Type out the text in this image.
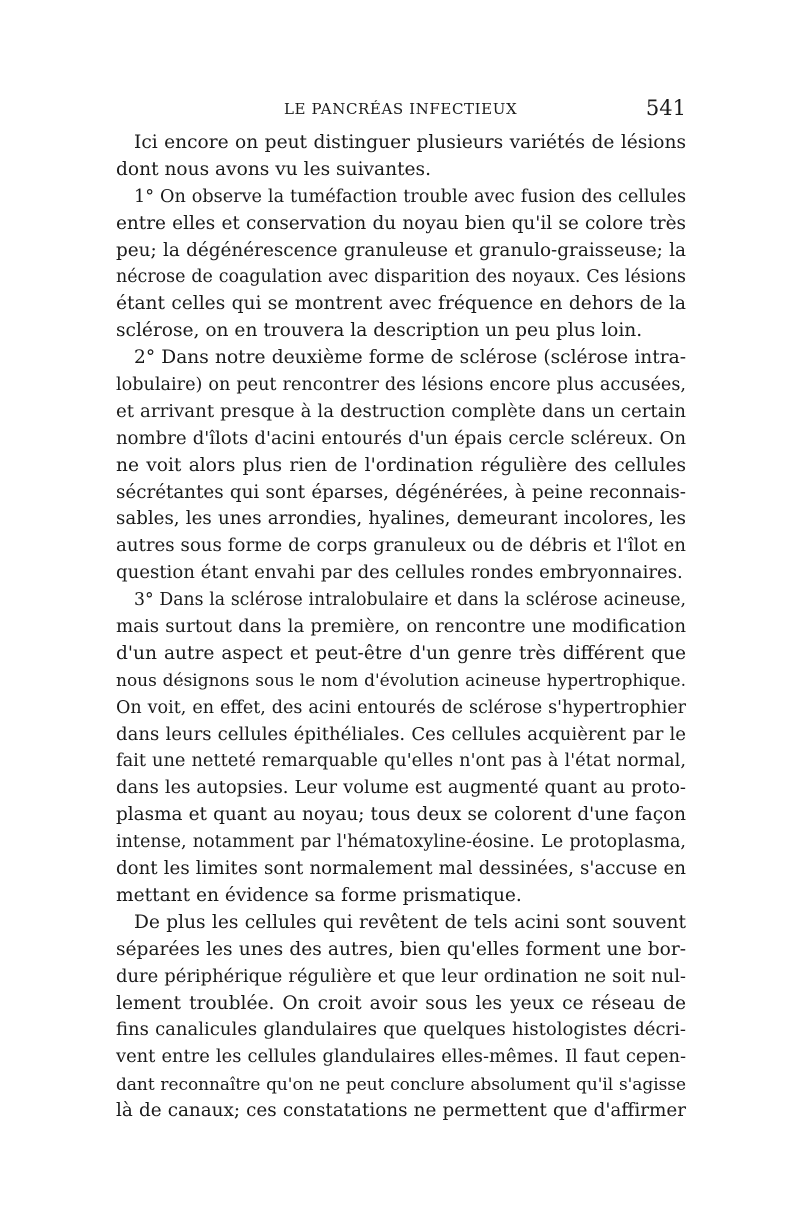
LE PANCRÉAS INFECTIEUX	541
Ici encore on peut distinguer plusieurs variétés de lésions
dont nous avons vu les suivantes.
1° On observe la tuméfaction trouble avec fusion des cellules
entre elles et conservation du noyau bien qu'il se colore très
peu; la dégénérescence granuleuse et granulo-graisseuse; la
nécrose de coagulation avec disparition des noyaux. Ces lésions
étant celles qui se montrent avec fréquence en dehors de la
sclérose, on en trouvera la description un peu plus loin.
2° Dans notre deuxième forme de sclérose (sclérose intra-
lobulaire) on peut rencontrer des lésions encore plus accusées,
et arrivant presque à la destruction complète dans un certain
nombre d'îlots d'acini entourés d'un épais cercle scléreux. On
ne voit alors plus rien de l'ordination régulière des cellules
sécrétantes qui sont éparses, dégénérées, à peine reconnais-
sables, les unes arrondies, hyalines, demeurant incolores, les
autres sous forme de corps granuleux ou de débris et l'îlot en
question étant envahi par des cellules rondes embryonnaires.
3° Dans la sclérose intralobulaire et dans la sclérose acineuse,
mais surtout dans la première, on rencontre une modification
d'un autre aspect et peut-être d'un genre très différent que
nous désignons sous le nom d'évolution acineuse hypertrophique.
On voit, en effet, des acini entourés de sclérose s'hypertrophier
dans leurs cellules épithéliales. Ces cellules acquièrent par le
fait une netteté remarquable qu'elles n'ont pas à l'état normal,
dans les autopsies. Leur volume est augmenté quant au proto-
plasma et quant au noyau; tous deux se colorent d'une façon
intense, notamment par l'hématoxyline-éosine. Le protoplasma,
dont les limites sont normalement mal dessinées, s'accuse en
mettant en évidence sa forme prismatique.
De plus les cellules qui revêtent de tels acini sont souvent
séparées les unes des autres, bien qu'elles forment une bor-
dure périphérique régulière et que leur ordination ne soit nul-
lement troublée. On croit avoir sous les yeux ce réseau de
fins canalicules glandulaires que quelques histologistes décri-
vent entre les cellules glandulaires elles-mêmes. Il faut cepen-
dant reconnaître qu'on ne peut conclure absolument qu'il s'agisse
là de canaux; ces constatations ne permettent que d'affirmer
